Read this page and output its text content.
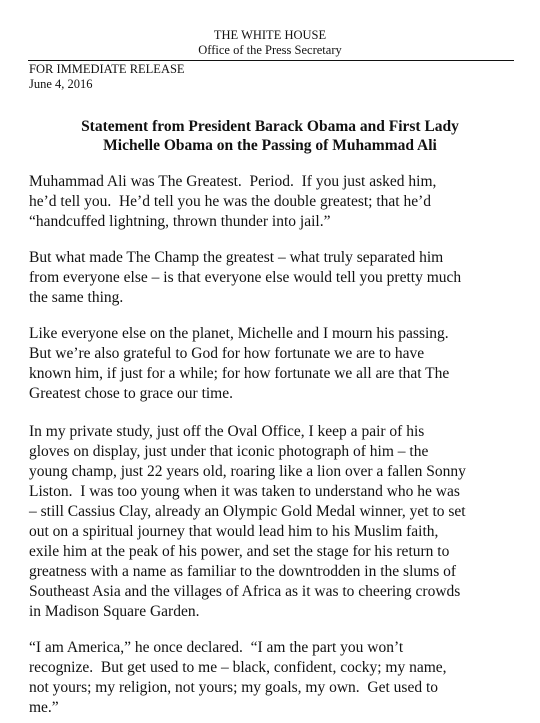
THE WHITE HOUSE
Office of the Press Secretary
FOR IMMEDIATE RELEASE
June 4, 2016
Statement from President Barack Obama and First Lady
Michelle Obama on the Passing of Muhammad Ali
Muhammad Ali was The Greatest.  Period.  If you just asked him,
he’d tell you.  He’d tell you he was the double greatest; that he’d
“handcuffed lightning, thrown thunder into jail.”
But what made The Champ the greatest – what truly separated him
from everyone else – is that everyone else would tell you pretty much
the same thing.
Like everyone else on the planet, Michelle and I mourn his passing.
But we’re also grateful to God for how fortunate we are to have
known him, if just for a while; for how fortunate we all are that The
Greatest chose to grace our time.
In my private study, just off the Oval Office, I keep a pair of his
gloves on display, just under that iconic photograph of him – the
young champ, just 22 years old, roaring like a lion over a fallen Sonny
Liston.  I was too young when it was taken to understand who he was
– still Cassius Clay, already an Olympic Gold Medal winner, yet to set
out on a spiritual journey that would lead him to his Muslim faith,
exile him at the peak of his power, and set the stage for his return to
greatness with a name as familiar to the downtrodden in the slums of
Southeast Asia and the villages of Africa as it was to cheering crowds
in Madison Square Garden.
“I am America,” he once declared.  “I am the part you won’t
recognize.  But get used to me – black, confident, cocky; my name,
not yours; my religion, not yours; my goals, my own.  Get used to
me.”
